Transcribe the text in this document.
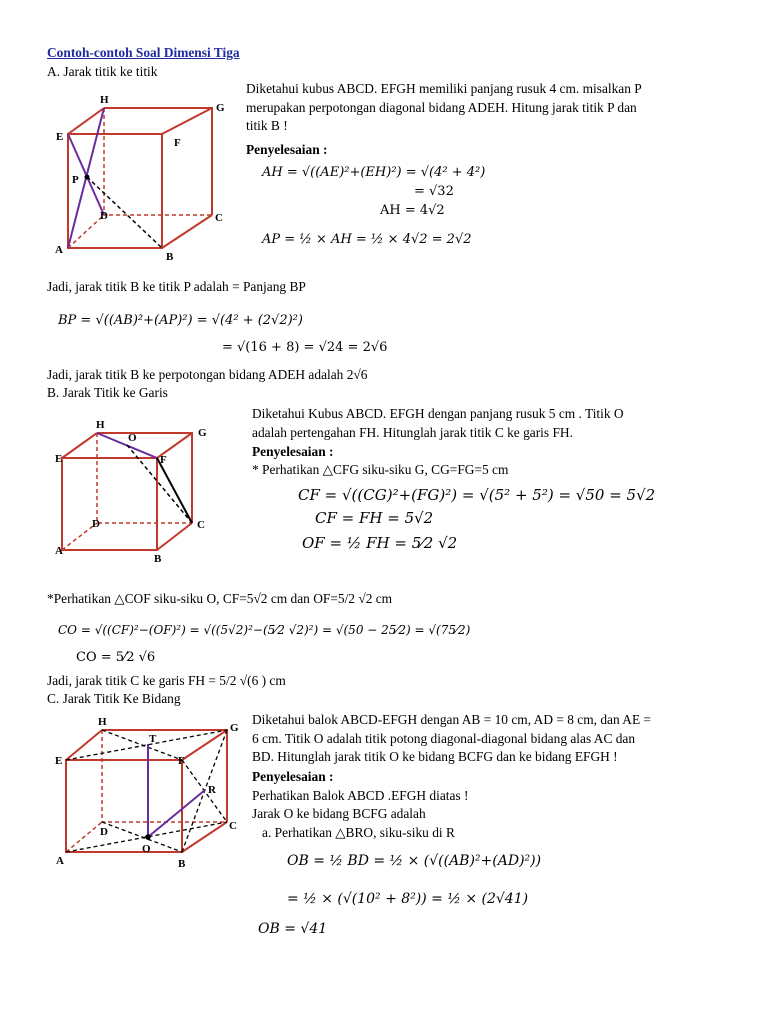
Contoh-contoh Soal Dimensi Tiga
A. Jarak titik ke titik
H
G
E	F
P
D	C
A
B
Diketahui kubus ABCD. EFGH memiliki panjang rusuk 4 cm. misalkan P
merupakan perpotongan diagonal bidang ADEH. Hitung jarak titik P dan
titik B !
Penyelesaian :
AH = √((AE)²+(EH)²) = √(4² + 4²)
= √32
AH = 4√2
AP = ½ × AH = ½ × 4√2 = 2√2
Jadi, jarak titik B ke titik P adalah = Panjang BP
BP = √((AB)²+(AP)²) = √(4² + (2√2)²)
= √(16 + 8) = √24 = 2√6
Jadi, jarak titik B ke perpotongan bidang ADEH adalah 2√6
B. Jarak Titik ke Garis
H
O	G
E	F
D	C
A
B
Diketahui Kubus ABCD. EFGH dengan panjang rusuk 5 cm . Titik O
adalah pertengahan FH. Hitunglah jarak titik C ke garis FH.
Penyelesaian :
* Perhatikan △CFG siku-siku G, CG=FG=5 cm
CF = √((CG)²+(FG)²) = √(5² + 5²) = √50 = 5√2
CF = FH = 5√2
OF = ½ FH = 5⁄2 √2
*Perhatikan △COF siku-siku O, CF=5√2 cm dan OF=5/2 √2 cm
CO = √((CF)²−(OF)²) = √((5√2)²−(5⁄2 √2)²) = √(50 − 25⁄2) = √(75⁄2)
CO = 5⁄2 √6
Jadi, jarak titik C ke garis FH = 5/2 √(6 ) cm
C. Jarak Titik Ke Bidang
H	G
T
E	F
R
D	C
O
A	B
Diketahui balok ABCD-EFGH dengan AB = 10 cm, AD = 8 cm, dan AE =
6 cm. Titik O adalah titik potong diagonal-diagonal bidang alas AC dan
BD. Hitunglah jarak titik O ke bidang BCFG dan ke bidang EFGH !
Penyelesaian :
Perhatikan Balok ABCD .EFGH diatas !
Jarak O ke bidang BCFG adalah
a. Perhatikan △BRO, siku-siku di R
OB = ½ BD = ½ × (√((AB)²+(AD)²))
= ½ × (√(10² + 8²)) = ½ × (2√41)
OB = √41
